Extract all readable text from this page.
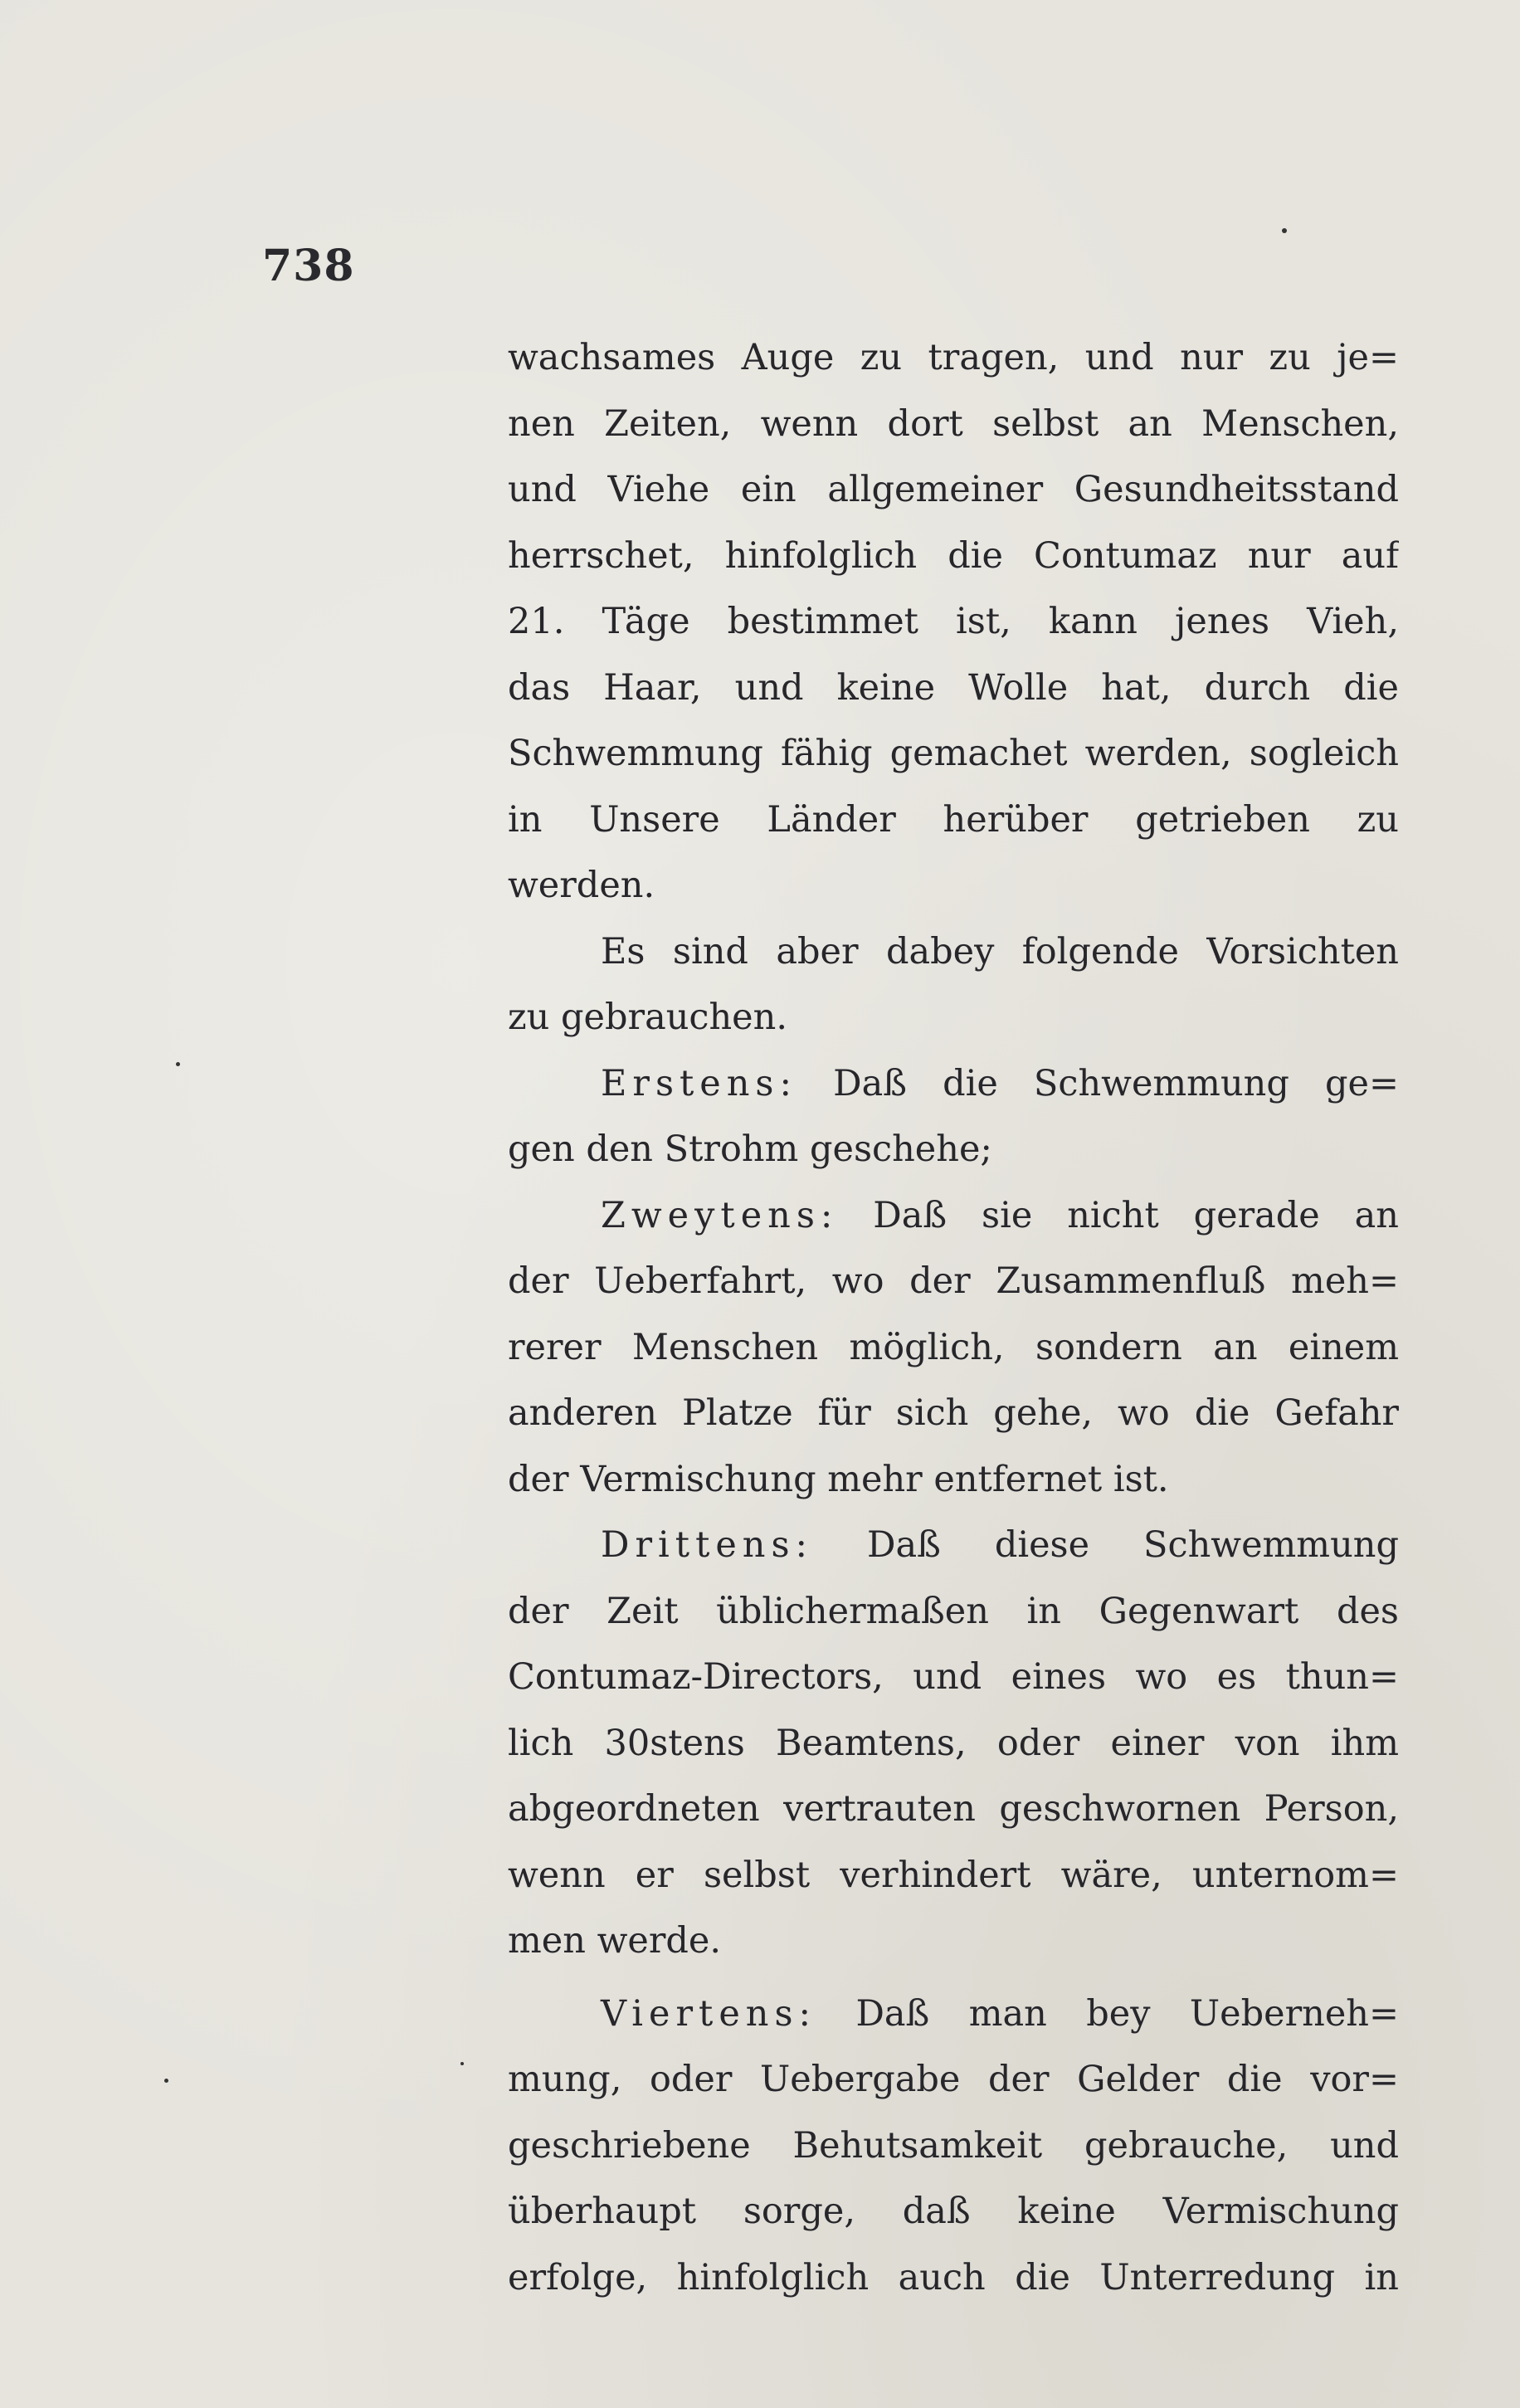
738
wachsames Auge zu tragen, und nur zu je=
nen Zeiten, wenn dort selbst an Menschen,
und Viehe ein allgemeiner Gesundheitsstand
herrschet, hinfolglich die Contumaz nur auf
21. Täge bestimmet ist, kann jenes Vieh,
das Haar, und keine Wolle hat, durch die
Schwemmung fähig gemachet werden, sogleich
in Unsere Länder herüber getrieben zu
werden.
Es sind aber dabey folgende Vorsichten
zu gebrauchen.
Erstens: Daß die Schwemmung ge=
gen den Strohm geschehe;
Zweytens: Daß sie nicht gerade an
der Ueberfahrt, wo der Zusammenfluß meh=
rerer Menschen möglich, sondern an einem
anderen Platze für sich gehe, wo die Gefahr
der Vermischung mehr entfernet ist.
Drittens: Daß diese Schwemmung
der Zeit üblichermaßen in Gegenwart des
Contumaz-Directors, und eines wo es thun=
lich 30stens Beamtens, oder einer von ihm
abgeordneten vertrauten geschwornen Person,
wenn er selbst verhindert wäre, unternom=
men werde.
Viertens: Daß man bey Ueberneh=
mung, oder Uebergabe der Gelder die vor=
geschriebene Behutsamkeit gebrauche, und
überhaupt sorge, daß keine Vermischung
erfolge, hinfolglich auch die Unterredung in
